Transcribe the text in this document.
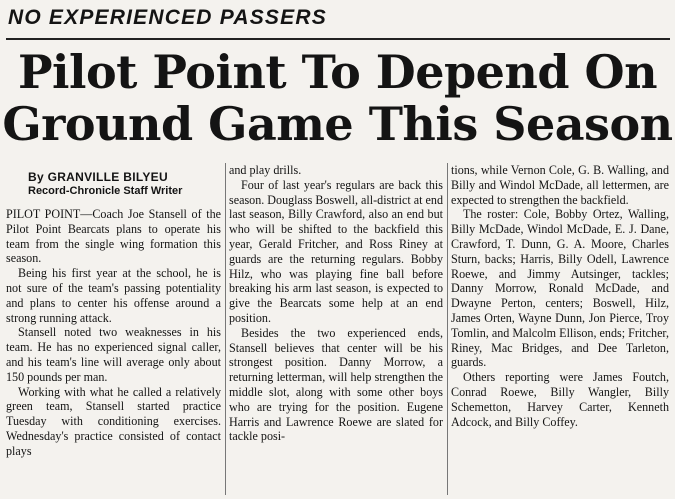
NO EXPERIENCED PASSERS
Pilot Point To Depend On
Ground Game This Season
By GRANVILLE BILYEU
Record-Chronicle Staff Writer

PILOT POINT—Coach Joe Stansell of the Pilot Point Bearcats plans to operate his team from the single wing formation this season.

Being his first year at the school, he is not sure of the team's passing potentiality and plans to center his offense around a strong running attack.

Stansell noted two weaknesses in his team. He has no experienced signal caller, and his team's line will average only about 150 pounds per man.

Working with what he called a relatively green team, Stansell started practice Tuesday with conditioning exercises. Wednesday's practice consisted of contact plays

and play drills.

Four of last year's regulars are back this season. Douglass Boswell, all-district at end last season, Billy Crawford, also an end but who will be shifted to the backfield this year, Gerald Fritcher, and Ross Riney at guards are the returning regulars. Bobby Hilz, who was playing fine ball before breaking his arm last season, is expected to give the Bearcats some help at an end position.

Besides the two experienced ends, Stansell believes that center will be his strongest position. Danny Morrow, a returning letterman, will help strengthen the middle slot, along with some other boys who are trying for the position. Eugene Harris and Lawrence Roewe are slated for tackle posi-

tions, while Vernon Cole, G. B. Walling, and Billy and Windol McDade, all lettermen, are expected to strengthen the backfield.

The roster: Cole, Bobby Ortez, Walling, Billy McDade, Windol McDade, E. J. Dane, Crawford, T. Dunn, G. A. Moore, Charles Sturn, backs; Harris, Billy Odell, Lawrence Roewe, and Jimmy Autsinger, tackles; Danny Morrow, Ronald McDade, and Dwayne Perton, centers; Boswell, Hilz, James Orten, Wayne Dunn, Jon Pierce, Troy Tomlin, and Malcolm Ellison, ends; Fritcher, Riney, Mac Bridges, and Dee Tarleton, guards.

Others reporting were James Foutch, Conrad Roewe, Billy Wangler, Billy Schemetton, Harvey Carter, Kenneth Adcock, and Billy Coffey.
